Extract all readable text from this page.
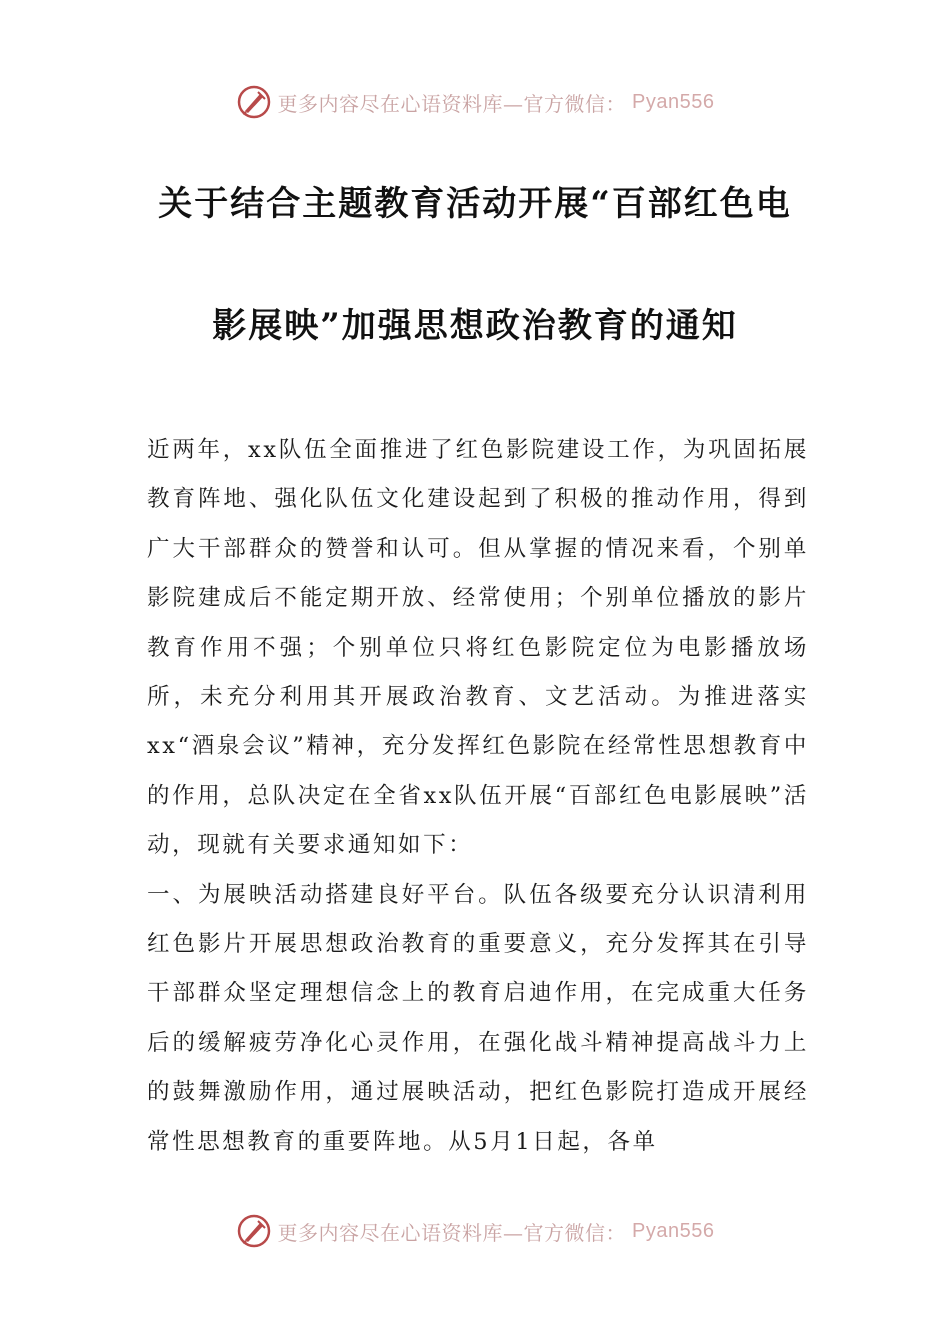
更多内容尽在心语资料库—官方微信： Pyan556
关于结合主题教育活动开展“百部红色电
影展映”加强思想政治教育的通知

近两年，xx队伍全面推进了红色影院建设工作，为巩固拓展教育阵地、强化队伍文化建设起到了积极的推动作用，得到广大干部群众的赞誉和认可。但从掌握的情况来看，个别单影院建成后不能定期开放、经常使用；个别单位播放的影片教育作用不强；个别单位只将红色影院定位为电影播放场所，未充分利用其开展政治教育、文艺活动。为推进落实xx“酒泉会议”精神，充分发挥红色影院在经常性思想教育中的作用，总队决定在全省xx队伍开展“百部红色电影展映”活动，现就有关要求通知如下：

一、为展映活动搭建良好平台。队伍各级要充分认识清利用红色影片开展思想政治教育的重要意义，充分发挥其在引导干部群众坚定理想信念上的教育启迪作用，在完成重大任务后的缓解疲劳净化心灵作用，在强化战斗精神提高战斗力上的鼓舞激励作用，通过展映活动，把红色影院打造成开展经常性思想教育的重要阵地。从5月1日起，各单

更多内容尽在心语资料库—官方微信： Pyan556
